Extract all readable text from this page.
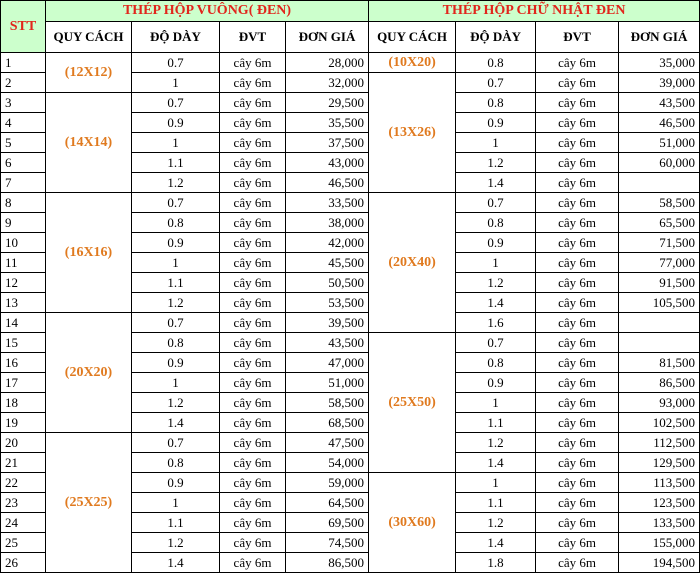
STT	THÉP HỘP VUÔNG( ĐEN)				THÉP HỘP CHỮ NHẬT ĐEN			
	QUY CÁCH	ĐỘ DÀY	ĐVT	ĐƠN GIÁ	QUY CÁCH	ĐỘ DÀY	ĐVT	ĐƠN GIÁ
1	(12X12)	0.7	cây 6m	28,000	(10X20)	0.8	cây 6m	35,000
2		1	cây 6m	32,000	(13X26)	0.7	cây 6m	39,000
3	(14X14)	0.7	cây 6m	29,500		0.8	cây 6m	43,500
4		0.9	cây 6m	35,500		0.9	cây 6m	46,500
5		1	cây 6m	37,500		1	cây 6m	51,000
6		1.1	cây 6m	43,000		1.2	cây 6m	60,000
7		1.2	cây 6m	46,500		1.4	cây 6m	
8	(16X16)	0.7	cây 6m	33,500	(20X40)	0.7	cây 6m	58,500
9		0.8	cây 6m	38,000		0.8	cây 6m	65,500
10		0.9	cây 6m	42,000		0.9	cây 6m	71,500
11		1	cây 6m	45,500		1	cây 6m	77,000
12		1.1	cây 6m	50,500		1.2	cây 6m	91,500
13		1.2	cây 6m	53,500		1.4	cây 6m	105,500
14	(20X20)	0.7	cây 6m	39,500		1.6	cây 6m	
15		0.8	cây 6m	43,500	(25X50)	0.7	cây 6m	
16		0.9	cây 6m	47,000		0.8	cây 6m	81,500
17		1	cây 6m	51,000		0.9	cây 6m	86,500
18		1.2	cây 6m	58,500		1	cây 6m	93,000
19		1.4	cây 6m	68,500		1.1	cây 6m	102,500
20	(25X25)	0.7	cây 6m	47,500		1.2	cây 6m	112,500
21		0.8	cây 6m	54,000		1.4	cây 6m	129,500
22		0.9	cây 6m	59,000	(30X60)	1	cây 6m	113,500
23		1	cây 6m	64,500		1.1	cây 6m	123,500
24		1.1	cây 6m	69,500		1.2	cây 6m	133,500
25		1.2	cây 6m	74,500		1.4	cây 6m	155,000
26		1.4	cây 6m	86,500		1.8	cây 6m	194,500
